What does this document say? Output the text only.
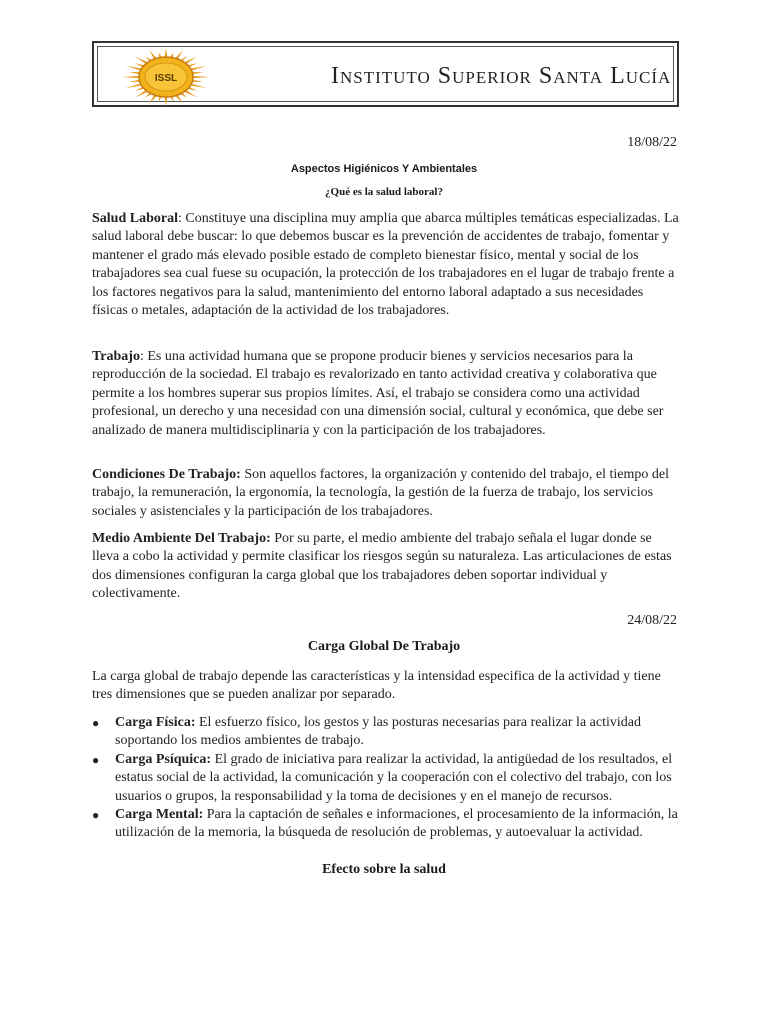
ISSL	Instituto Superior Santa Lucía
18/08/22
Aspectos Higiénicos Y Ambientales
¿Qué es la salud laboral?
Salud Laboral: Constituye una disciplina muy amplia que abarca múltiples temáticas especializadas. La salud laboral debe buscar: lo que debemos buscar es la prevención de accidentes de trabajo, fomentar y mantener el grado más elevado posible estado de completo bienestar físico, mental y social de los trabajadores sea cual fuese su ocupación, la protección de los trabajadores en el lugar de trabajo frente a los factores negativos para la salud, mantenimiento del entorno laboral adaptado a sus necesidades físicas o metales, adaptación de la actividad de los trabajadores.
Trabajo: Es una actividad humana que se propone producir bienes y servicios necesarios para la reproducción de la sociedad. El trabajo es revalorizado en tanto actividad creativa y colaborativa que permite a los hombres superar sus propios límites. Así, el trabajo se considera como una actividad profesional, un derecho y una necesidad con una dimensión social, cultural y económica, que debe ser analizado de manera multidisciplinaria y con la participación de los trabajadores.
Condiciones De Trabajo: Son aquellos factores, la organización y contenido del trabajo, el tiempo del trabajo, la remuneración, la ergonomía, la tecnología, la gestión de la fuerza de trabajo, los servicios sociales y asistenciales y la participación de los trabajadores.
Medio Ambiente Del Trabajo: Por su parte, el medio ambiente del trabajo señala el lugar donde se lleva a cobo la actividad y permite clasificar los riesgos según su naturaleza. Las articulaciones de estas dos dimensiones configuran la carga global que los trabajadores deben soportar individual y colectivamente.
24/08/22
Carga Global De Trabajo
La carga global de trabajo depende las características y la intensidad especifica de la actividad y tiene tres dimensiones que se pueden analizar por separado.
● Carga Física: El esfuerzo físico, los gestos y las posturas necesarias para realizar la actividad soportando los medios ambientes de trabajo.
● Carga Psíquica: El grado de iniciativa para realizar la actividad, la antigüedad de los resultados, el estatus social de la actividad, la comunicación y la cooperación con el colectivo del trabajo, con los usuarios o grupos, la responsabilidad y la toma de decisiones y en el manejo de recursos.
● Carga Mental: Para la captación de señales e informaciones, el procesamiento de la información, la utilización de la memoria, la búsqueda de resolución de problemas, y autoevaluar la actividad.
Efecto sobre la salud
